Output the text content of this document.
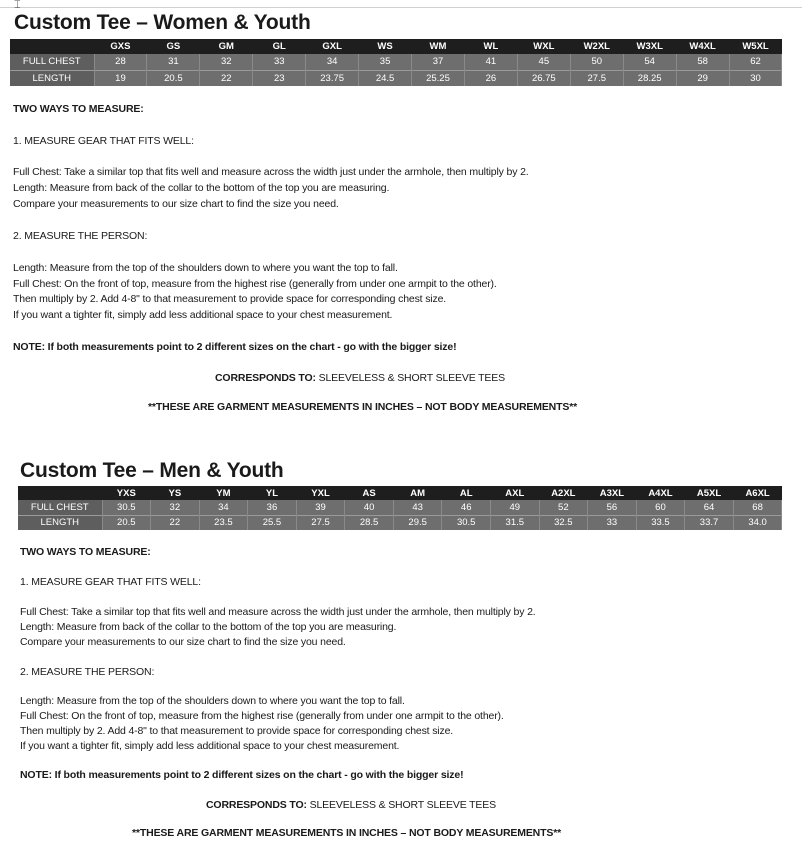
⌶
Custom Tee – Women & Youth
	GXS	GS	GM	GL	GXL	WS	WM	WL	WXL	W2XL	W3XL	W4XL	W5XL
FULL CHEST	28	31	32	33	34	35	37	41	45	50	54	58	62
LENGTH	19	20.5	22	23	23.75	24.5	25.25	26	26.75	27.5	28.25	29	30
TWO WAYS TO MEASURE:
1. MEASURE GEAR THAT FITS WELL:
Full Chest: Take a similar top that fits well and measure across the width just under the armhole, then multiply by 2.
Length: Measure from back of the collar to the bottom of the top you are measuring.
Compare your measurements to our size chart to find the size you need.
2. MEASURE THE PERSON:
Length: Measure from the top of the shoulders down to where you want the top to fall.
Full Chest: On the front of top, measure from the highest rise (generally from under one armpit to the other).
Then multiply by 2. Add 4-8" to that measurement to provide space for corresponding chest size.
If you want a tighter fit, simply add less additional space to your chest measurement.
NOTE: If both measurements point to 2 different sizes on the chart - go with the bigger size!
CORRESPONDS TO: SLEEVELESS & SHORT SLEEVE TEES
**THESE ARE GARMENT MEASUREMENTS IN INCHES – NOT BODY MEASUREMENTS**
Custom Tee – Men & Youth
	YXS	YS	YM	YL	YXL	AS	AM	AL	AXL	A2XL	A3XL	A4XL	A5XL	A6XL
FULL CHEST	30.5	32	34	36	39	40	43	46	49	52	56	60	64	68
LENGTH	20.5	22	23.5	25.5	27.5	28.5	29.5	30.5	31.5	32.5	33	33.5	33.7	34.0
TWO WAYS TO MEASURE:
1. MEASURE GEAR THAT FITS WELL:
Full Chest: Take a similar top that fits well and measure across the width just under the armhole, then multiply by 2.
Length: Measure from back of the collar to the bottom of the top you are measuring.
Compare your measurements to our size chart to find the size you need.
2. MEASURE THE PERSON:
Length: Measure from the top of the shoulders down to where you want the top to fall.
Full Chest: On the front of top, measure from the highest rise (generally from under one armpit to the other).
Then multiply by 2. Add 4-8" to that measurement to provide space for corresponding chest size.
If you want a tighter fit, simply add less additional space to your chest measurement.
NOTE: If both measurements point to 2 different sizes on the chart - go with the bigger size!
CORRESPONDS TO: SLEEVELESS & SHORT SLEEVE TEES
**THESE ARE GARMENT MEASUREMENTS IN INCHES – NOT BODY MEASUREMENTS**
